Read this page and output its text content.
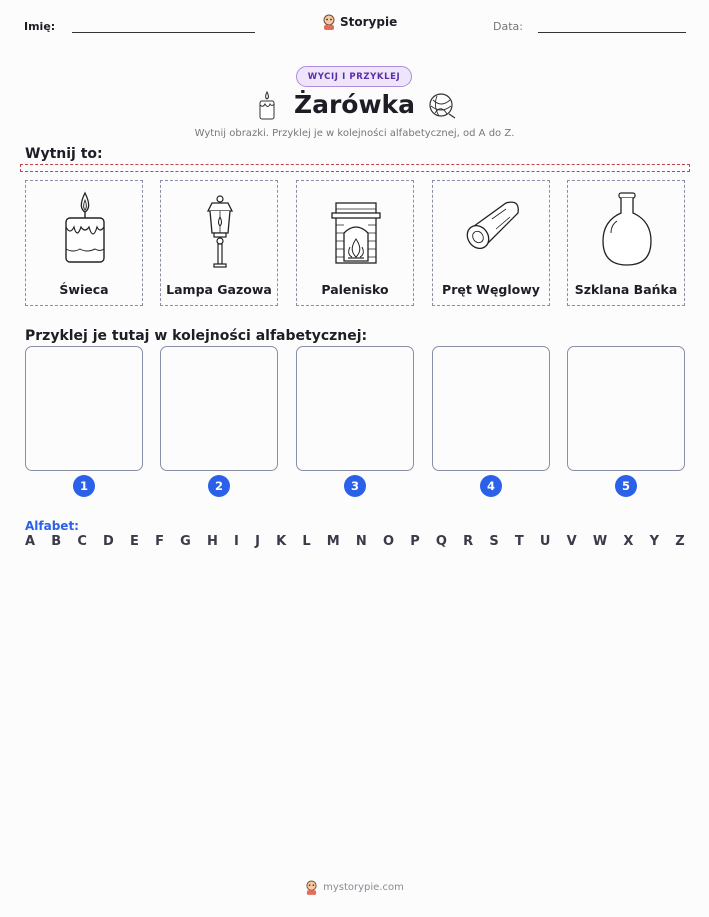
Imię:	Storypie	Data:
WYCIJ I PRZYKLEJ
Żarówka
Wytnij obrazki. Przyklej je w kolejności alfabetycznej, od A do Z.
Wytnij to:
Świeca	Lampa Gazowa	Palenisko	Pręt Węglowy	Szklana Bańka
Przyklej je tutaj w kolejności alfabetycznej:
1	2	3	4	5
Alfabet:
A B C D E F G H I J K L M N O P Q R S T U V W X Y Z
mystorypie.com
